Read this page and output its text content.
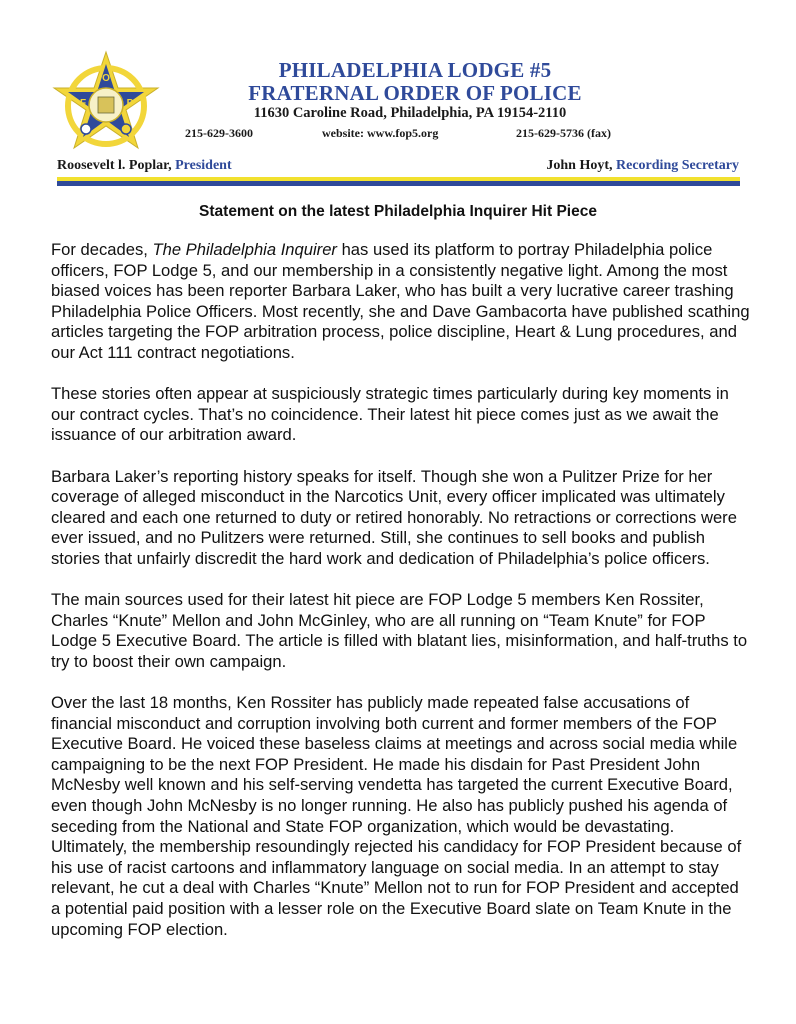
O
F	P
PHILADELPHIA LODGE #5
FRATERNAL ORDER OF POLICE
11630 Caroline Road, Philadelphia, PA 19154-2110
215-629-3600	website: www.fop5.org	215-629-5736 (fax)
Roosevelt l. Poplar, President	John Hoyt, Recording Secretary
Statement on the latest Philadelphia Inquirer Hit Piece

For decades, The Philadelphia Inquirer has used its platform to portray Philadelphia police officers, FOP Lodge 5, and our membership in a consistently negative light. Among the most biased voices has been reporter Barbara Laker, who has built a very lucrative career trashing Philadelphia Police Officers. Most recently, she and Dave Gambacorta have published scathing articles targeting the FOP arbitration process, police discipline, Heart & Lung procedures, and our Act 111 contract negotiations.

These stories often appear at suspiciously strategic times particularly during key moments in our contract cycles. That’s no coincidence. Their latest hit piece comes just as we await the issuance of our arbitration award.

Barbara Laker’s reporting history speaks for itself. Though she won a Pulitzer Prize for her coverage of alleged misconduct in the Narcotics Unit, every officer implicated was ultimately cleared and each one returned to duty or retired honorably. No retractions or corrections were ever issued, and no Pulitzers were returned. Still, she continues to sell books and publish stories that unfairly discredit the hard work and dedication of Philadelphia’s police officers.

The main sources used for their latest hit piece are FOP Lodge 5 members Ken Rossiter, Charles “Knute” Mellon and John McGinley, who are all running on “Team Knute” for FOP Lodge 5 Executive Board. The article is filled with blatant lies, misinformation, and half-truths to try to boost their own campaign.

Over the last 18 months, Ken Rossiter has publicly made repeated false accusations of financial misconduct and corruption involving both current and former members of the FOP Executive Board. He voiced these baseless claims at meetings and across social media while campaigning to be the next FOP President. He made his disdain for Past President John McNesby well known and his self-serving vendetta has targeted the current Executive Board, even though John McNesby is no longer running. He also has publicly pushed his agenda of seceding from the National and State FOP organization, which would be devastating. Ultimately, the membership resoundingly rejected his candidacy for FOP President because of his use of racist cartoons and inflammatory language on social media. In an attempt to stay relevant, he cut a deal with Charles “Knute” Mellon not to run for FOP President and accepted a potential paid position with a lesser role on the Executive Board slate on Team Knute in the upcoming FOP election.
